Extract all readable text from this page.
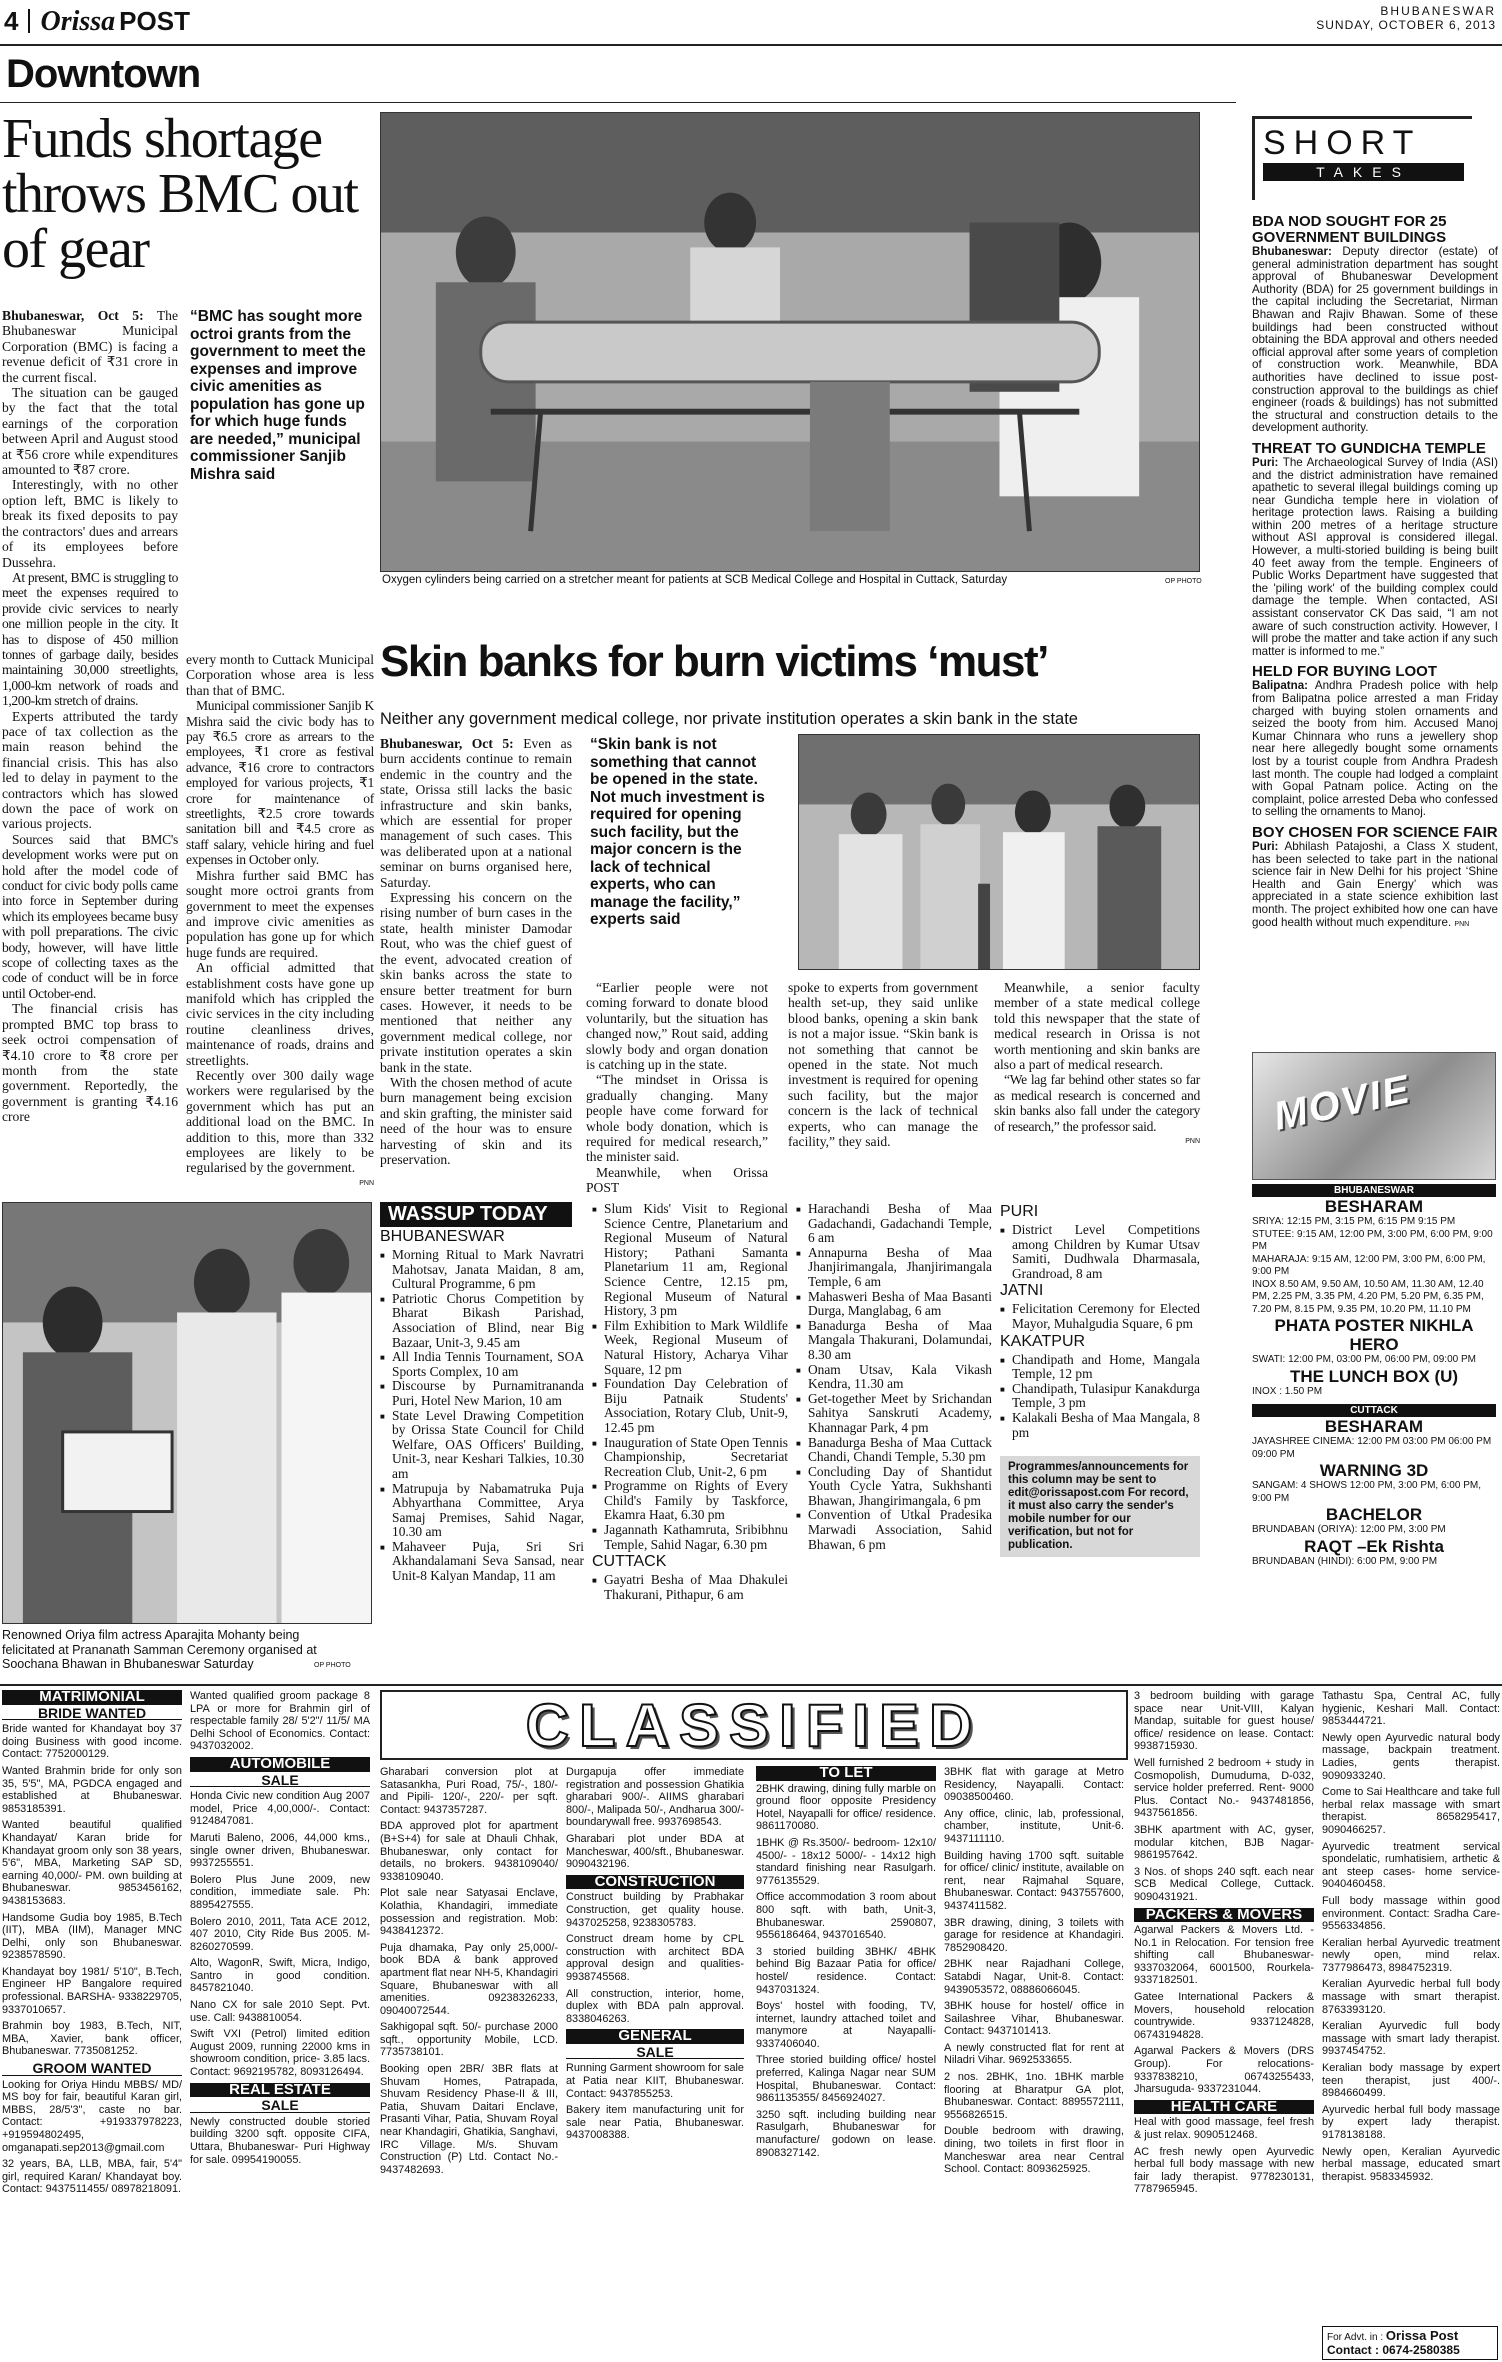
4 Orissa POST
Downtown
BHUBANESWAR
SUNDAY, OCTOBER 6, 2013
Funds shortage throws BMC out of gear

Bhubaneswar, Oct 5: The Bhubaneswar Municipal Corporation (BMC) is facing a revenue deficit of ₹31 crore in the current fiscal.

The situation can be gauged by the fact that the total earnings of the corporation between April and August stood at ₹56 crore while expenditures amounted to ₹87 crore.

Interestingly, with no other option left, BMC is likely to break its fixed deposits to pay the contractors' dues and arrears of its employees before Dussehra.

At present, BMC is struggling to meet the expenses required to provide civic services to nearly one million people in the city. It has to dispose of 450 million tonnes of garbage daily, besides maintaining 30,000 streetlights, 1,000-km network of roads and 1,200-km stretch of drains.

Experts attributed the tardy pace of tax collection as the main reason behind the financial crisis. This has also led to delay in payment to the contractors which has slowed down the pace of work on various projects.

Sources said that BMC's development works were put on hold after the model code of conduct for civic body polls came into force in September during which its employees became busy with poll preparations. The civic body, however, will have little scope of collecting taxes as the code of conduct will be in force until October-end.

The financial crisis has prompted BMC top brass to seek octroi compensation of ₹4.10 crore to ₹8 crore per month from the state government. Reportedly, the government is granting ₹4.16 crore

“BMC has sought more octroi grants from the government to meet the expenses and improve civic amenities as population has gone up for which huge funds are needed,” municipal commissioner Sanjib Mishra said

every month to Cuttack Municipal Corporation whose area is less than that of BMC.

Municipal commissioner Sanjib K Mishra said the civic body has to pay ₹6.5 crore as arrears to the employees, ₹1 crore as festival advance, ₹16 crore to contractors employed for various projects, ₹1 crore for maintenance of streetlights, ₹2.5 crore towards sanitation bill and ₹4.5 crore as staff salary, vehicle hiring and fuel expenses in October only.

Mishra further said BMC has sought more octroi grants from government to meet the expenses and improve civic amenities as population has gone up for which huge funds are required.

An official admitted that establishment costs have gone up manifold which has crippled the civic services in the city including routine cleanliness drives, maintenance of roads, drains and streetlights.

Recently over 300 daily wage workers were regularised by the government which has put an additional load on the BMC. In addition to this, more than 332 employees are likely to be regularised by the government.

PNN
Oxygen cylinders being carried on a stretcher meant for patients at SCB Medical College and Hospital in Cuttack, Saturday	OP PHOTO
Skin banks for burn victims ‘must’
Neither any government medical college, nor private institution operates a skin bank in the state

Bhubaneswar, Oct 5: Even as burn accidents continue to remain endemic in the country and the state, Orissa still lacks the basic infrastructure and skin banks, which are essential for proper management of such cases. This was deliberated upon at a national seminar on burns organised here, Saturday.

Expressing his concern on the rising number of burn cases in the state, health minister Damodar Rout, who was the chief guest of the event, advocated creation of skin banks across the state to ensure better treatment for burn cases. However, it needs to be mentioned that neither any government medical college, nor private institution operates a skin bank in the state.

With the chosen method of acute burn management being excision and skin grafting, the minister said need of the hour was to ensure harvesting of skin and its preservation.

“Skin bank is not something that cannot be opened in the state. Not much investment is required for opening such facility, but the major concern is the lack of technical experts, who can manage the facility,” experts said

“Earlier people were not coming forward to donate blood voluntarily, but the situation has changed now,” Rout said, adding slowly body and organ donation is catching up in the state.

“The mindset in Orissa is gradually changing. Many people have come forward for whole body donation, which is required for medical research,” the minister said.

Meanwhile, when Orissa POST

spoke to experts from government health set-up, they said unlike blood banks, opening a skin bank is not a major issue. “Skin bank is not something that cannot be opened in the state. Not much investment is required for opening such facility, but the major concern is the lack of technical experts, who can manage the facility,” they said.

Meanwhile, a senior faculty member of a state medical college told this newspaper that the state of medical research in Orissa is not worth mentioning and skin banks are also a part of medical research.

“We lag far behind other states so far as medical research is concerned and skin banks also fall under the category of research,” the professor said.

PNN
SHORT
TAKES
BDA NOD SOUGHT FOR 25 GOVERNMENT BUILDINGS
Bhubaneswar: Deputy director (estate) of general administration department has sought approval of Bhubaneswar Development Authority (BDA) for 25 government buildings in the capital including the Secretariat, Nirman Bhawan and Rajiv Bhawan. Some of these buildings had been constructed without obtaining the BDA approval and others needed official approval after some years of completion of construction work. Meanwhile, BDA authorities have declined to issue post-construction approval to the buildings as chief engineer (roads & buildings) has not submitted the structural and construction details to the development authority.
THREAT TO GUNDICHA TEMPLE
Puri: The Archaeological Survey of India (ASI) and the district administration have remained apathetic to several illegal buildings coming up near Gundicha temple here in violation of heritage protection laws. Raising a building within 200 metres of a heritage structure without ASI approval is considered illegal. However, a multi-storied building is being built 40 feet away from the temple. Engineers of Public Works Department have suggested that the 'piling work' of the building complex could damage the temple. When contacted, ASI assistant conservator CK Das said, “I am not aware of such construction activity. However, I will probe the matter and take action if any such matter is informed to me.”
HELD FOR BUYING LOOT
Balipatna: Andhra Pradesh police with help from Balipatna police arrested a man Friday charged with buying stolen ornaments and seized the booty from him. Accused Manoj Kumar Chinnara who runs a jewellery shop near here allegedly bought some ornaments lost by a tourist couple from Andhra Pradesh last month. The couple had lodged a complaint with Gopal Patnam police. Acting on the complaint, police arrested Deba who confessed to selling the ornaments to Manoj.
BOY CHOSEN FOR SCIENCE FAIR
Puri: Abhilash Patajoshi, a Class X student, has been selected to take part in the national science fair in New Delhi for his project ‘Shine Health and Gain Energy’ which was appreciated in a state science exhibition last month. The project exhibited how one can have good health without much expenditure. PNN
MOVIE
BHUBANESWAR
BESHARAM
SRIYA: 12:15 PM, 3:15 PM, 6:15 PM 9:15 PM
STUTEE: 9:15 AM, 12:00 PM, 3:00 PM, 6:00 PM, 9:00 PM
MAHARAJA: 9:15 AM, 12:00 PM, 3:00 PM, 6:00 PM, 9:00 PM
INOX 8.50 AM, 9.50 AM, 10.50 AM, 11.30 AM, 12.40 PM, 2.25 PM, 3.35 PM, 4.20 PM, 5.20 PM, 6.35 PM, 7.20 PM, 8.15 PM, 9.35 PM, 10.20 PM, 11.10 PM
PHATA POSTER NIKHLA HERO
SWATI: 12:00 PM, 03:00 PM, 06:00 PM, 09:00 PM
THE LUNCH BOX (U)
INOX : 1.50 PM
CUTTACK
BESHARAM
JAYASHREE CINEMA: 12:00 PM 03:00 PM 06:00 PM 09:00 PM
WARNING 3D
SANGAM: 4 SHOWS 12:00 PM, 3:00 PM, 6:00 PM, 9:00 PM
BACHELOR
BRUNDABAN (ORIYA): 12:00 PM, 3:00 PM
RAQT –Ek Rishta
BRUNDABAN (HINDI): 6:00 PM, 9:00 PM
Renowned Oriya film actress Aparajita Mohanty being felicitated at Prananath Samman Ceremony organised at Soochana Bhawan in Bhubaneswar Saturday	OP PHOTO
WASSUP TODAY
BHUBANESWAR
■ Morning Ritual to Mark Navratri Mahotsav, Janata Maidan, 8 am, Cultural Programme, 6 pm
■ Patriotic Chorus Competition by Bharat Bikash Parishad, Association of Blind, near Big Bazaar, Unit-3, 9.45 am
■ All India Tennis Tournament, SOA Sports Complex, 10 am
■ Discourse by Purnamitrananda Puri, Hotel New Marion, 10 am
■ State Level Drawing Competition by Orissa State Council for Child Welfare, OAS Officers' Building, Unit-3, near Keshari Talkies, 10.30 am
■ Matrupuja by Nabamatruka Puja Abhyarthana Committee, Arya Samaj Premises, Sahid Nagar, 10.30 am
■ Mahaveer Puja, Sri Sri Akhandalamani Seva Sansad, near Unit-8 Kalyan Mandap, 11 am
■ Slum Kids' Visit to Regional Science Centre, Planetarium and Regional Museum of Natural History; Pathani Samanta Planetarium 11 am, Regional Science Centre, 12.15 pm, Regional Museum of Natural History, 3 pm
■ Film Exhibition to Mark Wildlife Week, Regional Museum of Natural History, Acharya Vihar Square, 12 pm
■ Foundation Day Celebration of Biju Patnaik Students' Association, Rotary Club, Unit-9, 12.45 pm
■ Inauguration of State Open Tennis Championship, Secretariat Recreation Club, Unit-2, 6 pm
■ Programme on Rights of Every Child's Family by Taskforce, Ekamra Haat, 6.30 pm
■ Jagannath Kathamruta, Sribibhnu Temple, Sahid Nagar, 6.30 pm
CUTTACK
■ Gayatri Besha of Maa Dhakulei Thakurani, Pithapur, 6 am
■ Harachandi Besha of Maa Gadachandi, Gadachandi Temple, 6 am
■ Annapurna Besha of Maa Jhanjirimangala, Jhanjirimangala Temple, 6 am
■ Mahasweri Besha of Maa Basanti Durga, Manglabag, 6 am
■ Banadurga Besha of Maa Mangala Thakurani, Dolamundai, 8.30 am
■ Onam Utsav, Kala Vikash Kendra, 11.30 am
■ Get-together Meet by Srichandan Sahitya Sanskruti Academy, Khannagar Park, 4 pm
■ Banadurga Besha of Maa Cuttack Chandi, Chandi Temple, 5.30 pm
■ Concluding Day of Shantidut Youth Cycle Yatra, Sukhshanti Bhawan, Jhangirimangala, 6 pm
■ Convention of Utkal Pradesika Marwadi Association, Sahid Bhawan, 6 pm
PURI
■ District Level Competitions among Children by Kumar Utsav Samiti, Dudhwala Dharmasala, Grandroad, 8 am
JATNI
■ Felicitation Ceremony for Elected Mayor, Muhalgudia Square, 6 pm
KAKATPUR
■ Chandipath and Home, Mangala Temple, 12 pm
■ Chandipath, Tulasipur Kanakdurga Temple, 3 pm
■ Kalakali Besha of Maa Mangala, 8 pm
Programmes/announcements for this column may be sent to edit@orissapost.com For record, it must also carry the sender's mobile number for our verification, but not for publication.
CLASSIFIED
MATRIMONIAL
BRIDE WANTED

Bride wanted for Khandayat boy 37 doing Business with good income. Contact: 7752000129.

Wanted Brahmin bride for only son 35, 5'5", MA, PGDCA engaged and established at Bhubaneswar. 9853185391.

Wanted beautiful qualified Khandayat/ Karan bride for Khandayat groom only son 38 years, 5'6", MBA, Marketing SAP SD, earning 40,000/- PM. own building at Bhubaneswar. 9853456162, 9438153683.

Handsome Gudia boy 1985, B.Tech (IIT), MBA (IIM), Manager MNC Delhi, only son Bhubaneswar. 9238578590.

Khandayat boy 1981/ 5'10", B.Tech, Engineer HP Bangalore required professional. BARSHA- 9338229705, 9337010657.

Brahmin boy 1983, B.Tech, NIT, MBA, Xavier, bank officer, Bhubaneswar. 7735081252.

GROOM WANTED

Looking for Oriya Hindu MBBS/ MD/ MS boy for fair, beautiful Karan girl, MBBS, 28/5'3", caste no bar. Contact: +919337978223, +919594802495, omganapati.sep2013@gmail.com

32 years, BA, LLB, MBA, fair, 5'4" girl, required Karan/ Khandayat boy. Contact: 9437511455/ 08978218091.

Wanted qualified groom package 8 LPA or more for Brahmin girl of respectable family 28/ 5'2"/ 11/5/ MA Delhi School of Economics. Contact: 9437032002.

AUTOMOBILE
SALE

Honda Civic new condition Aug 2007 model, Price 4,00,000/-. Contact: 9124847081.

Maruti Baleno, 2006, 44,000 kms., single owner driven, Bhubaneswar. 9937255551.

Bolero Plus June 2009, new condition, immediate sale. Ph: 8895427555.

Bolero 2010, 2011, Tata ACE 2012, 407 2010, City Ride Bus 2005. M- 8260270599.

Alto, WagonR, Swift, Micra, Indigo, Santro in good condition. 8457821040.

Nano CX for sale 2010 Sept. Pvt. use. Call: 9438810054.

Swift VXI (Petrol) limited edition August 2009, running 22000 kms in showroom condition, price- 3.85 lacs. Contact: 9692195782, 8093126494.

REAL ESTATE
SALE

Newly constructed double storied building 3200 sqft. opposite CIFA, Uttara, Bhubaneswar- Puri Highway for sale. 09954190055.

Gharabari conversion plot at Satasankha, Puri Road, 75/-, 180/- and Pipili- 120/-, 220/- per sqft. Contact: 9437357287.

BDA approved plot for apartment (B+S+4) for sale at Dhauli Chhak, Bhubaneswar, only contact for details, no brokers. 9438109040/ 9338109040.

Plot sale near Satyasai Enclave, Kolathia, Khandagiri, immediate possession and registration. Mob: 9438412372.

Puja dhamaka, Pay only 25,000/- book BDA & bank approved apartment flat near NH-5, Khandagiri Square, Bhubaneswar with all amenities. 09238326233, 09040072544.

Sakhigopal sqft. 50/- purchase 2000 sqft., opportunity Mobile, LCD. 7735738101.

Booking open 2BR/ 3BR flats at Shuvam Homes, Patrapada, Shuvam Residency Phase-II & III, Patia, Shuvam Daitari Enclave, Prasanti Vihar, Patia, Shuvam Royal near Khandagiri, Ghatikia, Sanghavi, IRC Village. M/s. Shuvam Construction (P) Ltd. Contact No.- 9437482693.

Durgapuja offer immediate registration and possession Ghatikia gharabari 900/-. AIIMS gharabari 800/-, Malipada 50/-, Andharua 300/- boundarywall free. 9937698543.

Gharabari plot under BDA at Mancheswar, 400/sft., Bhubaneswar. 9090432196.

CONSTRUCTION

Construct building by Prabhakar Construction, get quality house. 9437025258, 9238305783.

Construct dream home by CPL construction with architect BDA approval design and qualities- 9938745568.

All construction, interior, home, duplex with BDA paln approval. 8338046263.

GENERAL
SALE

Running Garment showroom for sale at Patia near KIIT, Bhubaneswar. Contact: 9437855253.

Bakery item manufacturing unit for sale near Patia, Bhubaneswar. 9437008388.

TO LET

2BHK drawing, dining fully marble on ground floor opposite Presidency Hotel, Nayapalli for office/ residence. 9861170080.

1BHK @ Rs.3500/- bedroom- 12x10/ 4500/- - 18x12 5000/- - 14x12 high standard finishing near Rasulgarh. 9776135529.

Office accommodation 3 room about 800 sqft. with bath, Unit-3, Bhubaneswar. 2590807, 9556186464, 9437016540.

3 storied building 3BHK/ 4BHK behind Big Bazaar Patia for office/ hostel/ residence. Contact: 9437031324.

Boys' hostel with fooding, TV, internet, laundry attached toilet and manymore at Nayapalli- 9337406040.

Three storied building office/ hostel preferred, Kalinga Nagar near SUM Hospital, Bhubaneswar. Contact: 9861135355/ 8456924027.

3250 sqft. including building near Rasulgarh, Bhubaneswar for manufacture/ godown on lease. 8908327142.

3BHK flat with garage at Metro Residency, Nayapalli. Contact: 09038500460.

Any office, clinic, lab, professional, chamber, institute, Unit-6. 9437111110.

Building having 1700 sqft. suitable for office/ clinic/ institute, available on rent, near Rajmahal Square, Bhubaneswar. Contact: 9437557600, 9437411582.

3BR drawing, dining, 3 toilets with garage for residence at Khandagiri. 7852908420.

2BHK near Rajadhani College, Satabdi Nagar, Unit-8. Contact: 9439053572, 08886066045.

3BHK house for hostel/ office in Sailashree Vihar, Bhubaneswar. Contact: 9437101413.

A newly constructed flat for rent at Niladri Vihar. 9692533655.

2 nos. 2BHK, 1no. 1BHK marble flooring at Bharatpur GA plot, Bhubaneswar. Contact: 8895572111, 9556826515.

Double bedroom with drawing, dining, two toilets in first floor in Mancheswar area near Central School. Contact: 8093625925.

3 bedroom building with garage space near Unit-VIII, Kalyan Mandap, suitable for guest house/ office/ residence on lease. Contact: 9938715930.

Well furnished 2 bedroom + study in Cosmopolish, Dumuduma, D-032, service holder preferred. Rent- 9000 Plus. Contact No.- 9437481856, 9437561856.

3BHK apartment with AC, gyser, modular kitchen, BJB Nagar- 9861957642.

3 Nos. of shops 240 sqft. each near SCB Medical College, Cuttack. 9090431921.

PACKERS & MOVERS

Agarwal Packers & Movers Ltd. - No.1 in Relocation. For tension free shifting call Bhubaneswar- 9337032064, 6001500, Rourkela- 9337182501.

Gatee International Packers & Movers, household relocation countrywide. 9337124828, 06743194828.

Agarwal Packers & Movers (DRS Group). For relocations- 9337838210, 06743255433, Jharsuguda- 9337231044.

HEALTH CARE

Heal with good massage, feel fresh & just relax. 9090512468.

AC fresh newly open Ayurvedic herbal full body massage with new fair lady therapist. 9778230131, 7787965945.

Tathastu Spa, Central AC, fully hygienic, Keshari Mall. Contact: 9853444721.

Newly open Ayurvedic natural body massage, backpain treatment. Ladies, gents therapist. 9090933240.

Come to Sai Healthcare and take full herbal relax massage with smart therapist. 8658295417, 9090466257.

Ayurvedic treatment servical spondelatic, rumhatisiem, arthetic & ant steep cases- home service-9040460458.

Full body massage within good environment. Contact: Sradha Care- 9556334856.

Keralian herbal Ayurvedic treatment newly open, mind relax. 7377986473, 8984752319.

Keralian Ayurvedic herbal full body massage with smart therapist. 8763393120.

Keralian Ayurvedic full body massage with smart lady therapist. 9937454752.

Keralian body massage by expert teen therapist, just 400/-. 8984660499.

Ayurvedic herbal full body massage by expert lady therapist. 9178138188.

Newly open, Keralian Ayurvedic herbal massage, educated smart therapist. 9583345932.

For Advt. in : Orissa Post
Contact : 0674-2580385
